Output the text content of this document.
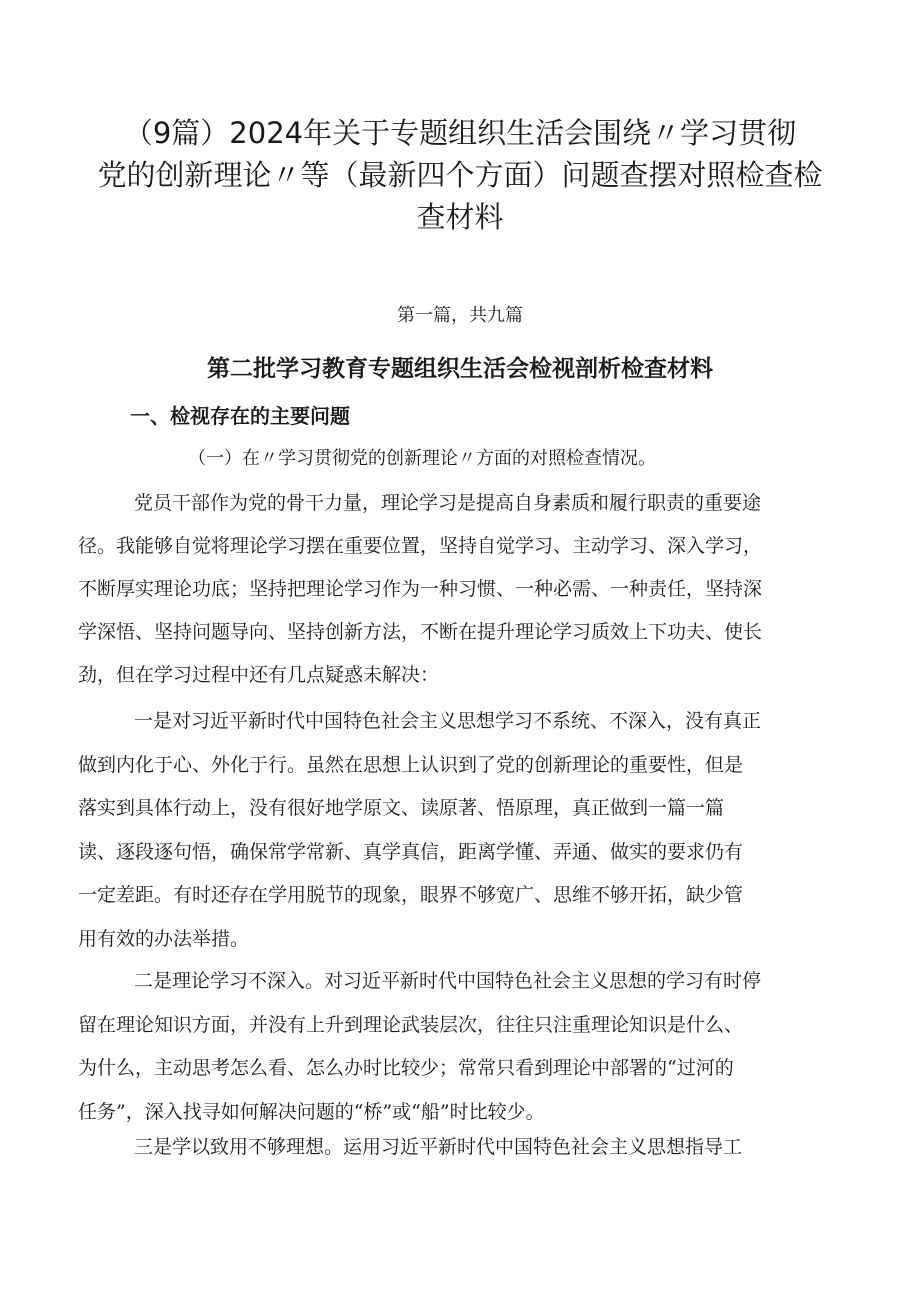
（9篇）2024年关于专题组织生活会围绕〃学习贯彻
党的创新理论〃等（最新四个方面）问题查摆对照检查检
查材料

第一篇，共九篇

第二批学习教育专题组织生活会检视剖析检查材料
一、检视存在的主要问题

（一）在〃学习贯彻党的创新理论〃方面的对照检查情况。

党员干部作为党的骨干力量，理论学习是提高自身素质和履行职责的重要途
径。我能够自觉将理论学习摆在重要位置，坚持自觉学习、主动学习、深入学习，
不断厚实理论功底；坚持把理论学习作为一种习惯、一种必需、一种责任，坚持深
学深悟、坚持问题导向、坚持创新方法，不断在提升理论学习质效上下功夫、使长
劲，但在学习过程中还有几点疑惑未解决：
一是对习近平新时代中国特色社会主义思想学习不系统、不深入，没有真正
做到内化于心、外化于行。虽然在思想上认识到了党的创新理论的重要性，但是
落实到具体行动上，没有很好地学原文、读原著、悟原理，真正做到一篇一篇
读、逐段逐句悟，确保常学常新、真学真信，距离学懂、弄通、做实的要求仍有
一定差距。有时还存在学用脱节的现象，眼界不够宽广、思维不够开拓，缺少管
用有效的办法举措。
二是理论学习不深入。对习近平新时代中国特色社会主义思想的学习有时停
留在理论知识方面，并没有上升到理论武装层次，往往只注重理论知识是什么、
为什么，主动思考怎么看、怎么办时比较少；常常只看到理论中部署的“过河的
任务”，深入找寻如何解决问题的“桥”或“船”时比较少。
三是学以致用不够理想。运用习近平新时代中国特色社会主义思想指导工
